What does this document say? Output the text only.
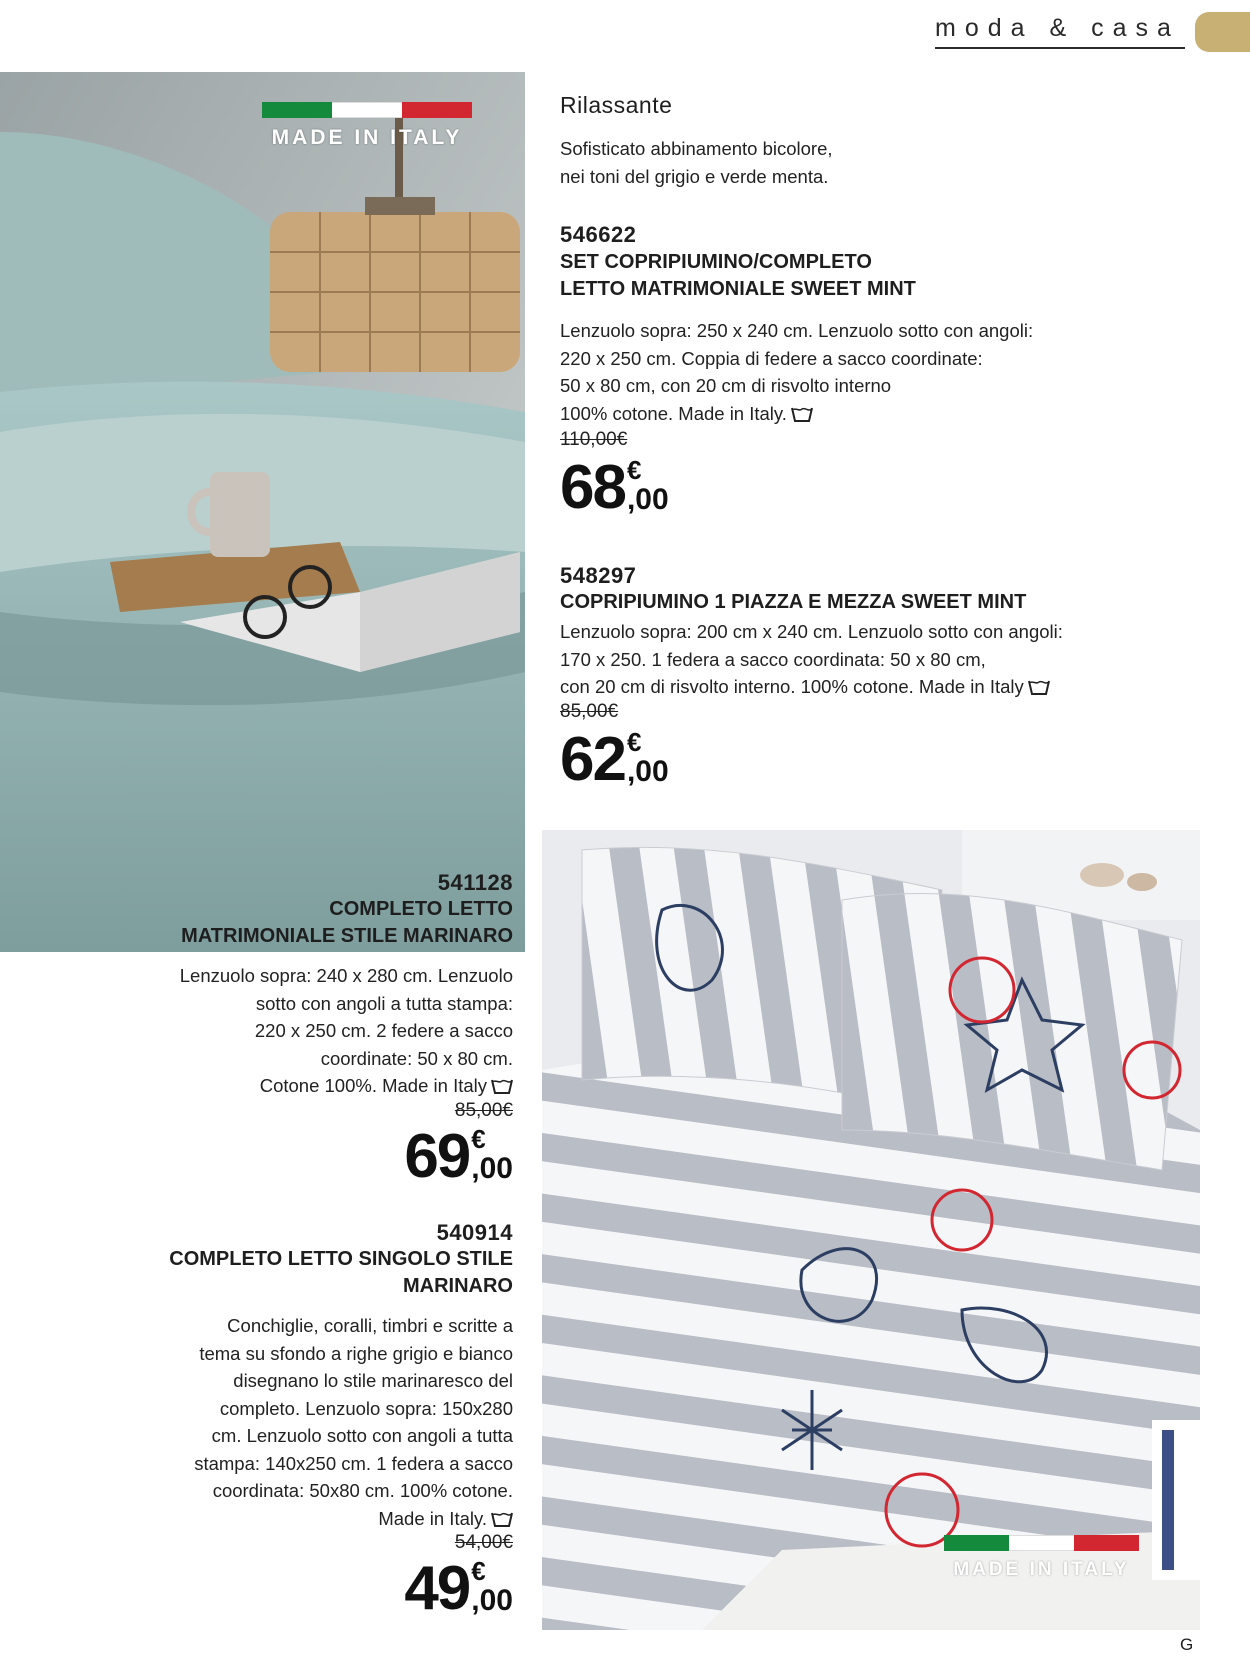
moda & casa
MADE IN ITALY
Rilassante
Sofisticato abbinamento bicolore,
nei toni del grigio e verde menta.
546622
SET COPRIPIUMINO/COMPLETO
LETTO MATRIMONIALE SWEET MINT
Lenzuolo sopra: 250 x 240 cm. Lenzuolo sotto con angoli:
220 x 250 cm. Coppia di federe a sacco coordinate:
50 x 80 cm, con 20 cm di risvolto interno
100% cotone. Made in Italy.
110,00€
68 €
,00
548297
COPRIPIUMINO 1 PIAZZA E MEZZA SWEET MINT
Lenzuolo sopra: 200 cm x 240 cm. Lenzuolo sotto con angoli:
170 x 250. 1 federa a sacco coordinata: 50 x 80 cm,
con 20 cm di risvolto interno. 100% cotone. Made in Italy
85,00€
62 €
,00
541128
COMPLETO LETTO
MATRIMONIALE STILE MARINARO
Lenzuolo sopra: 240 x 280 cm. Lenzuolo
sotto con angoli a tutta stampa:
220 x 250 cm. 2 federe a sacco
coordinate: 50 x 80 cm.
Cotone 100%. Made in Italy
85,00€
69 €
,00
540914
COMPLETO LETTO SINGOLO STILE
MARINARO
Conchiglie, coralli, timbri e scritte a
tema su sfondo a righe grigio e bianco
disegnano lo stile marinaresco del
completo. Lenzuolo sopra: 150x280
cm. Lenzuolo sotto con angoli a tutta
stampa: 140x250 cm. 1 federa a sacco
coordinata: 50x80 cm. 100% cotone.
Made in Italy.
54,00€
49 €
,00
MADE IN ITALY
G
